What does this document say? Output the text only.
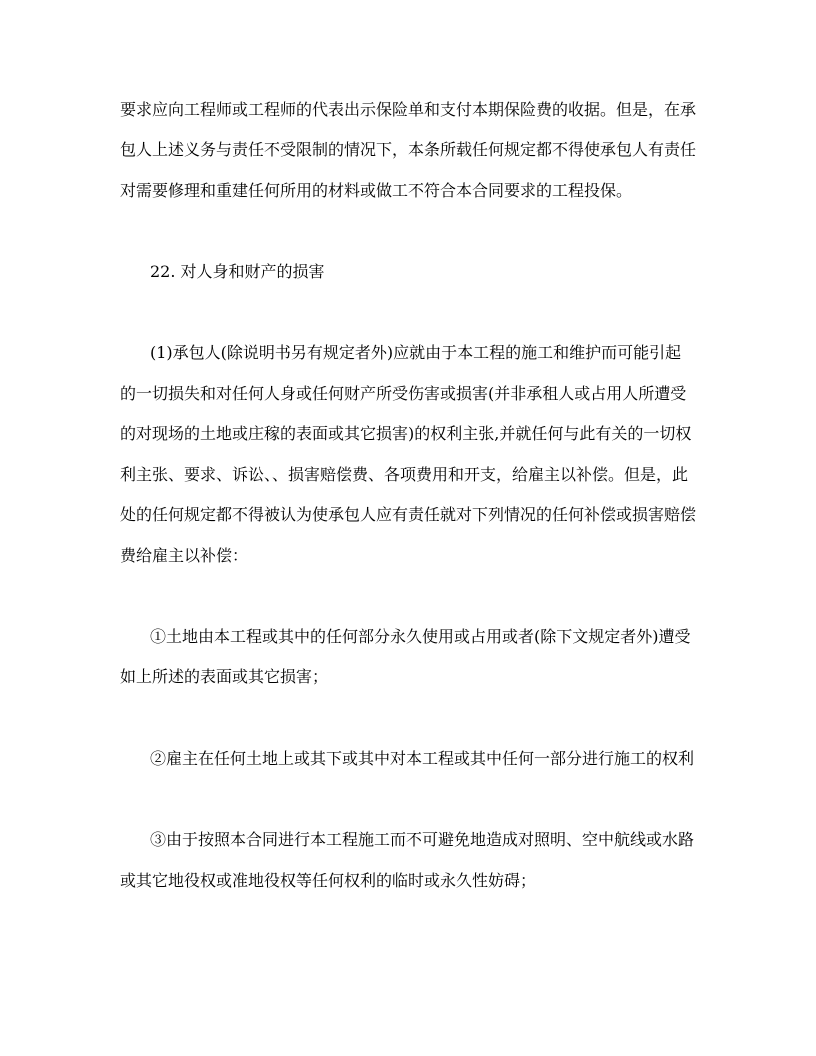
要求应向工程师或工程师的代表出示保险单和支付本期保险费的收据。但是，在承
包人上述义务与责任不受限制的情况下，本条所载任何规定都不得使承包人有责任
对需要修理和重建任何所用的材料或做工不符合本合同要求的工程投保。
22. 对人身和财产的损害
(1)承包人(除说明书另有规定者外)应就由于本工程的施工和维护而可能引起
的一切损失和对任何人身或任何财产所受伤害或损害(并非承租人或占用人所遭受
的对现场的土地或庄稼的表面或其它损害)的权利主张,并就任何与此有关的一切权
利主张、要求、诉讼、、损害赔偿费、各项费用和开支，给雇主以补偿。但是，此
处的任何规定都不得被认为使承包人应有责任就对下列情况的任何补偿或损害赔偿
费给雇主以补偿：
①土地由本工程或其中的任何部分永久使用或占用或者(除下文规定者外)遭受
如上所述的表面或其它损害；
②雇主在任何土地上或其下或其中对本工程或其中任何一部分进行施工的权利
③由于按照本合同进行本工程施工而不可避免地造成对照明、空中航线或水路
或其它地役权或准地役权等任何权利的临时或永久性妨碍；
